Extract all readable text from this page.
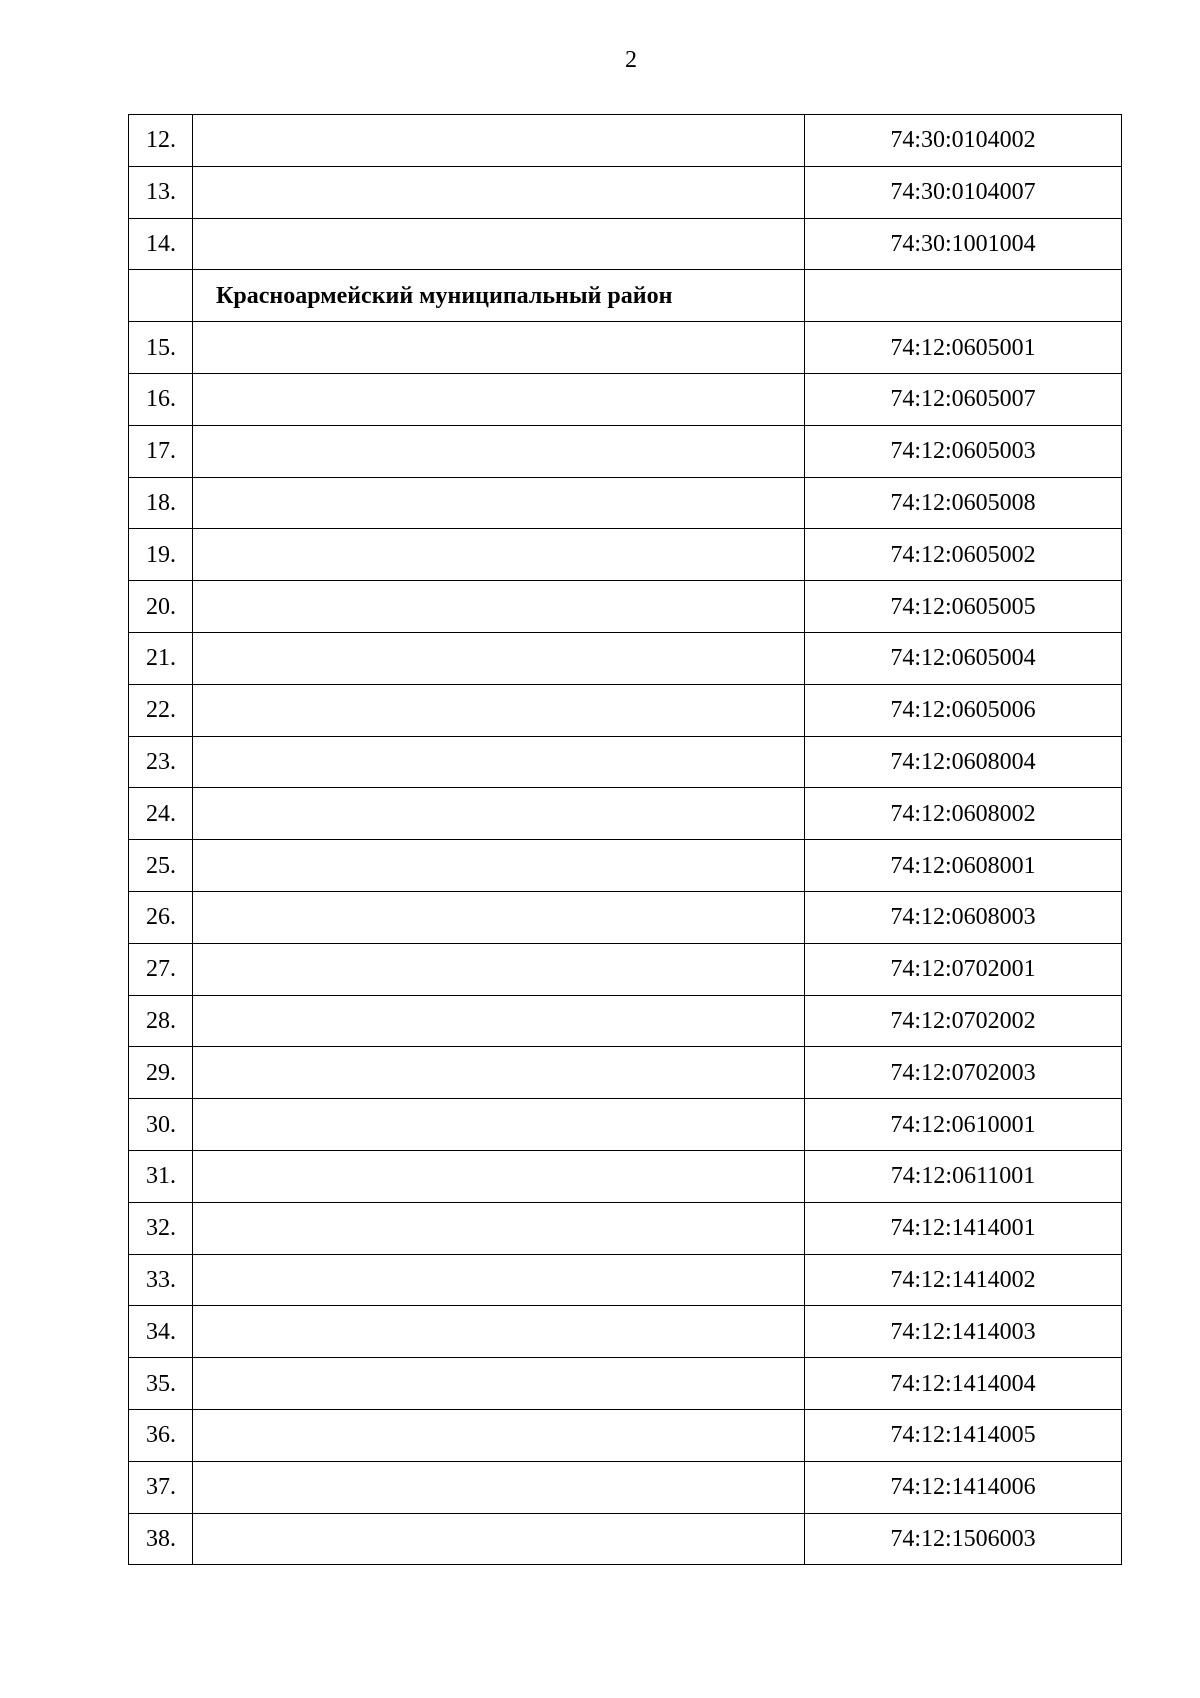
2
12.		74:30:0104002
13.		74:30:0104007
14.		74:30:1001004
	Красноармейский муниципальный район	
15.		74:12:0605001
16.		74:12:0605007
17.		74:12:0605003
18.		74:12:0605008
19.		74:12:0605002
20.		74:12:0605005
21.		74:12:0605004
22.		74:12:0605006
23.		74:12:0608004
24.		74:12:0608002
25.		74:12:0608001
26.		74:12:0608003
27.		74:12:0702001
28.		74:12:0702002
29.		74:12:0702003
30.		74:12:0610001
31.		74:12:0611001
32.		74:12:1414001
33.		74:12:1414002
34.		74:12:1414003
35.		74:12:1414004
36.		74:12:1414005
37.		74:12:1414006
38.		74:12:1506003
